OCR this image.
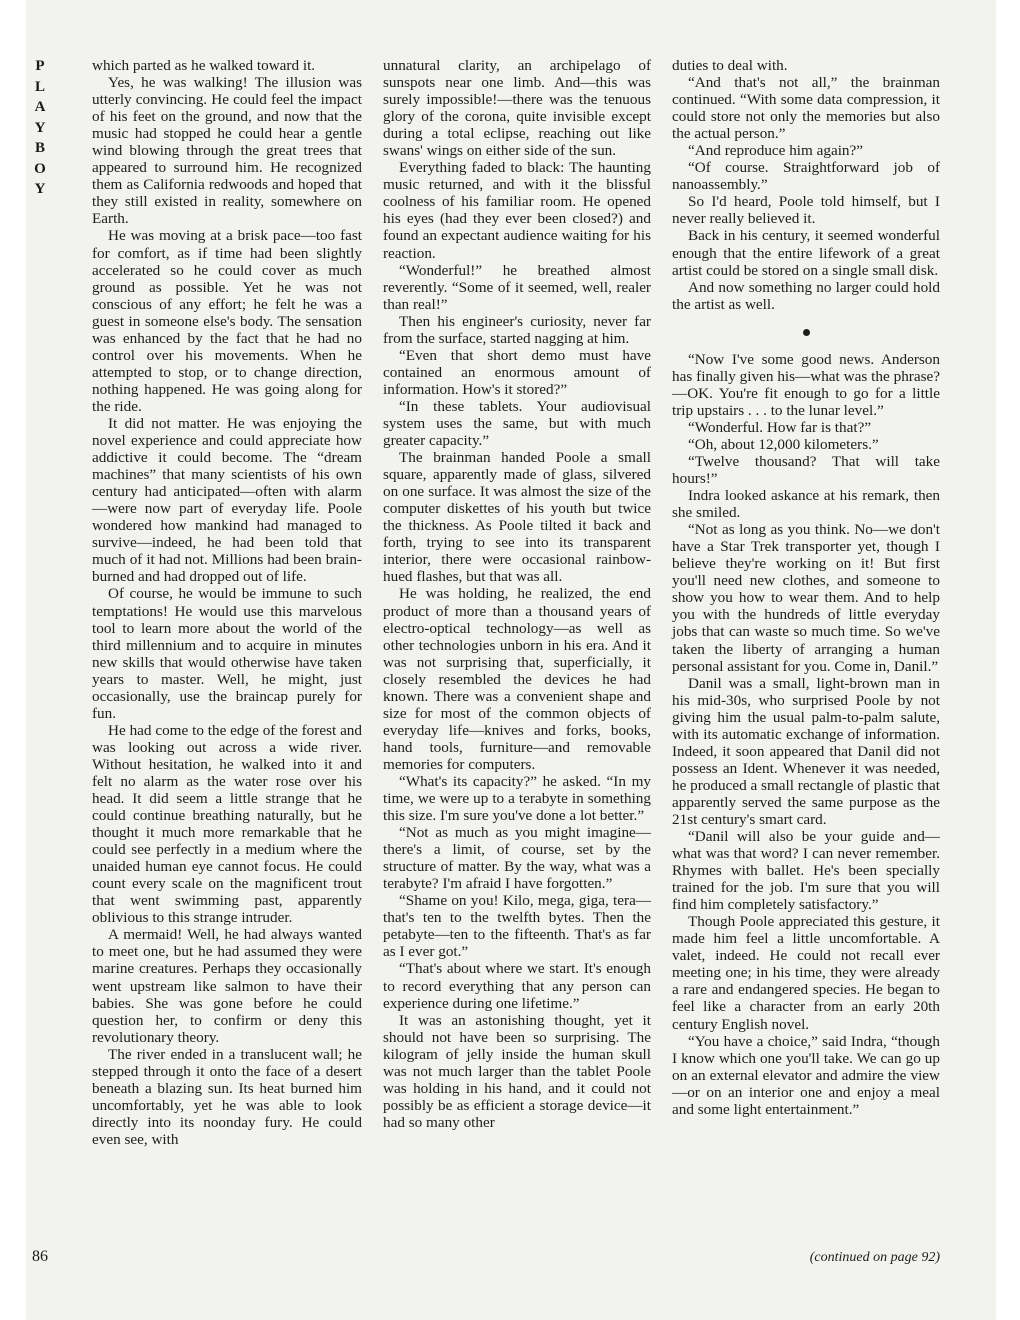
P
L
A
Y
B
O
Y

which parted as he walked toward it.

Yes, he was walking! The illusion was utterly convincing. He could feel the impact of his feet on the ground, and now that the music had stopped he could hear a gentle wind blowing through the great trees that appeared to surround him. He recognized them as California redwoods and hoped that they still existed in reality, somewhere on Earth.

He was moving at a brisk pace—too fast for comfort, as if time had been slightly accelerated so he could cover as much ground as possible. Yet he was not conscious of any effort; he felt he was a guest in someone else's body. The sensation was enhanced by the fact that he had no control over his movements. When he attempted to stop, or to change direction, nothing happened. He was going along for the ride.

It did not matter. He was enjoying the novel experience and could appreciate how addictive it could become. The “dream machines” that many scientists of his own century had anticipated—often with alarm—were now part of everyday life. Poole wondered how mankind had managed to survive—indeed, he had been told that much of it had not. Millions had been brain-burned and had dropped out of life.

Of course, he would be immune to such temptations! He would use this marvelous tool to learn more about the world of the third millennium and to acquire in minutes new skills that would otherwise have taken years to master. Well, he might, just occasionally, use the braincap purely for fun.

He had come to the edge of the forest and was looking out across a wide river. Without hesitation, he walked into it and felt no alarm as the water rose over his head. It did seem a little strange that he could continue breathing naturally, but he thought it much more remarkable that he could see perfectly in a medium where the unaided human eye cannot focus. He could count every scale on the magnificent trout that went swimming past, apparently oblivious to this strange intruder.

A mermaid! Well, he had always wanted to meet one, but he had assumed they were marine creatures. Perhaps they occasionally went upstream like salmon to have their babies. She was gone before he could question her, to confirm or deny this revolutionary theory.

The river ended in a translucent wall; he stepped through it onto the face of a desert beneath a blazing sun. Its heat burned him uncomfortably, yet he was able to look directly into its noonday fury. He could even see, with

unnatural clarity, an archipelago of sunspots near one limb. And—this was surely impossible!—there was the tenuous glory of the corona, quite invisible except during a total eclipse, reaching out like swans' wings on either side of the sun.

Everything faded to black: The haunting music returned, and with it the blissful coolness of his familiar room. He opened his eyes (had they ever been closed?) and found an expectant audience waiting for his reaction.

“Wonderful!” he breathed almost reverently. “Some of it seemed, well, realer than real!”

Then his engineer's curiosity, never far from the surface, started nagging at him.

“Even that short demo must have contained an enormous amount of information. How's it stored?”

“In these tablets. Your audiovisual system uses the same, but with much greater capacity.”

The brainman handed Poole a small square, apparently made of glass, silvered on one surface. It was almost the size of the computer diskettes of his youth but twice the thickness. As Poole tilted it back and forth, trying to see into its transparent interior, there were occasional rainbow-hued flashes, but that was all.

He was holding, he realized, the end product of more than a thousand years of electro-optical technology—as well as other technologies unborn in his era. And it was not surprising that, superficially, it closely resembled the devices he had known. There was a convenient shape and size for most of the common objects of everyday life—knives and forks, books, hand tools, furniture—and removable memories for computers.

“What's its capacity?” he asked. “In my time, we were up to a terabyte in something this size. I'm sure you've done a lot better.”

“Not as much as you might imagine—there's a limit, of course, set by the structure of matter. By the way, what was a terabyte? I'm afraid I have forgotten.”

“Shame on you! Kilo, mega, giga, tera—that's ten to the twelfth bytes. Then the petabyte—ten to the fifteenth. That's as far as I ever got.”

“That's about where we start. It's enough to record everything that any person can experience during one lifetime.”

It was an astonishing thought, yet it should not have been so surprising. The kilogram of jelly inside the human skull was not much larger than the tablet Poole was holding in his hand, and it could not possibly be as efficient a storage device—it had so many other

duties to deal with.

“And that's not all,” the brainman continued. “With some data compression, it could store not only the memories but also the actual person.”

“And reproduce him again?”

“Of course. Straightforward job of nanoassembly.”

So I'd heard, Poole told himself, but I never really believed it.

Back in his century, it seemed wonderful enough that the entire lifework of a great artist could be stored on a single small disk.

And now something no larger could hold the artist as well.

“Now I've some good news. Anderson has finally given his—what was the phrase?—OK. You're fit enough to go for a little trip upstairs . . . to the lunar level.”

“Wonderful. How far is that?”

“Oh, about 12,000 kilometers.”

“Twelve thousand? That will take hours!”

Indra looked askance at his remark, then she smiled.

“Not as long as you think. No—we don't have a Star Trek transporter yet, though I believe they're working on it! But first you'll need new clothes, and someone to show you how to wear them. And to help you with the hundreds of little everyday jobs that can waste so much time. So we've taken the liberty of arranging a human personal assistant for you. Come in, Danil.”

Danil was a small, light-brown man in his mid-30s, who surprised Poole by not giving him the usual palm-to-palm salute, with its automatic exchange of information. Indeed, it soon appeared that Danil did not possess an Ident. Whenever it was needed, he produced a small rectangle of plastic that apparently served the same purpose as the 21st century's smart card.

“Danil will also be your guide and—what was that word? I can never remember. Rhymes with ballet. He's been specially trained for the job. I'm sure that you will find him completely satisfactory.”

Though Poole appreciated this gesture, it made him feel a little uncomfortable. A valet, indeed. He could not recall ever meeting one; in his time, they were already a rare and endangered species. He began to feel like a character from an early 20th century English novel.

“You have a choice,” said Indra, “though I know which one you'll take. We can go up on an external elevator and admire the view—or on an interior one and enjoy a meal and some light entertainment.”

(continued on page 92)
86
